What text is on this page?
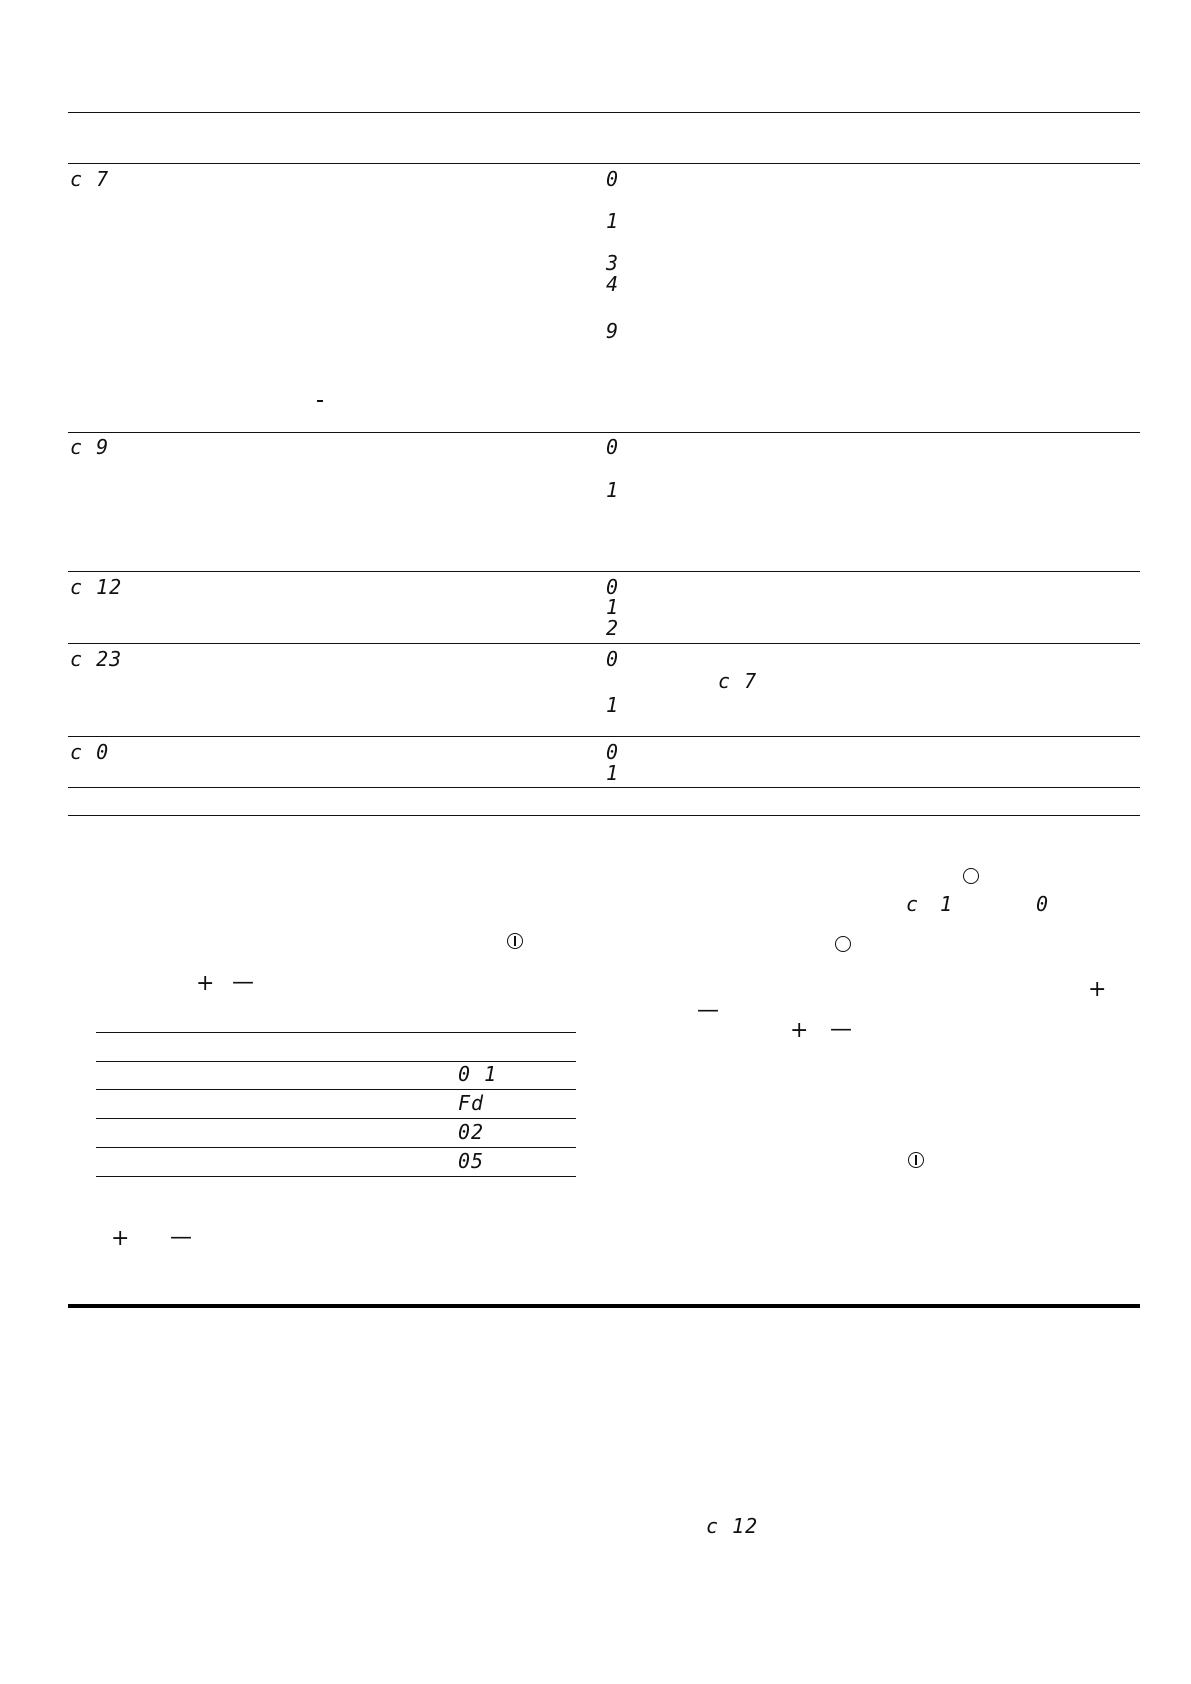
c 7	0
1
3
4
9
c 9	0
1
c 12	0
1
2
c 23	0
c 7
1
c 0	0
1
+ —
0 1
Fd
02
05
+ —
c 1	0
+
—
+ —
c 12
